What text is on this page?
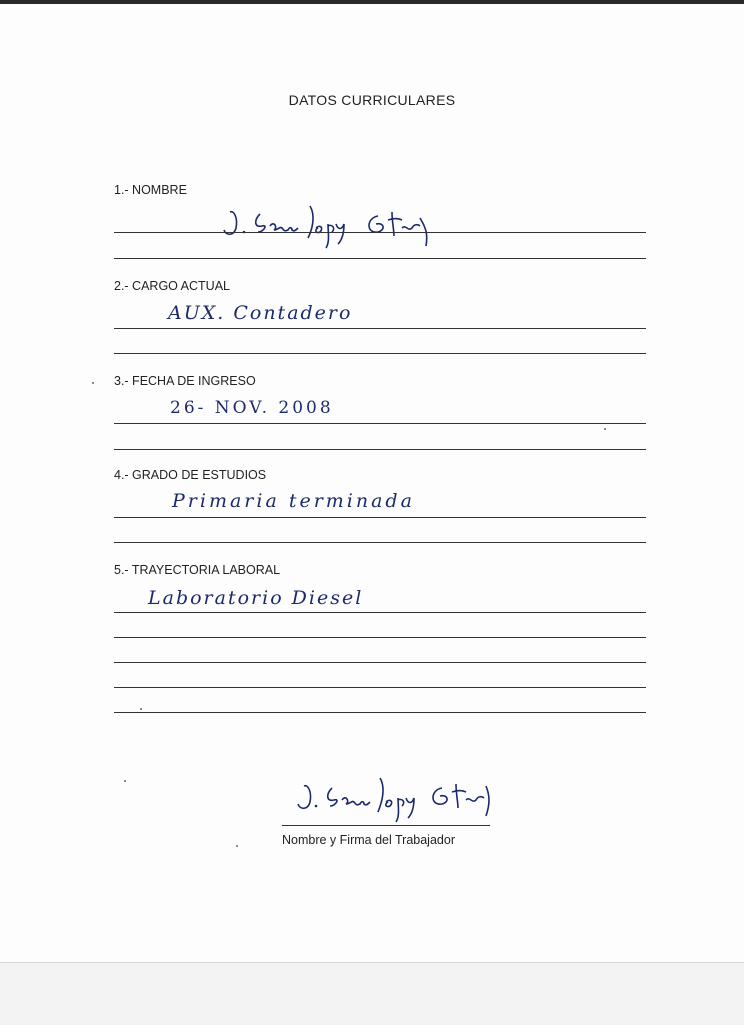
DATOS CURRICULARES
1.- NOMBRE
2.- CARGO ACTUAL
AUX. Contadero
3.- FECHA DE INGRESO
26- NOV. 2008
4.- GRADO DE ESTUDIOS
Primaria terminada
5.- TRAYECTORIA LABORAL
Laboratorio Diesel
Nombre y Firma del Trabajador
